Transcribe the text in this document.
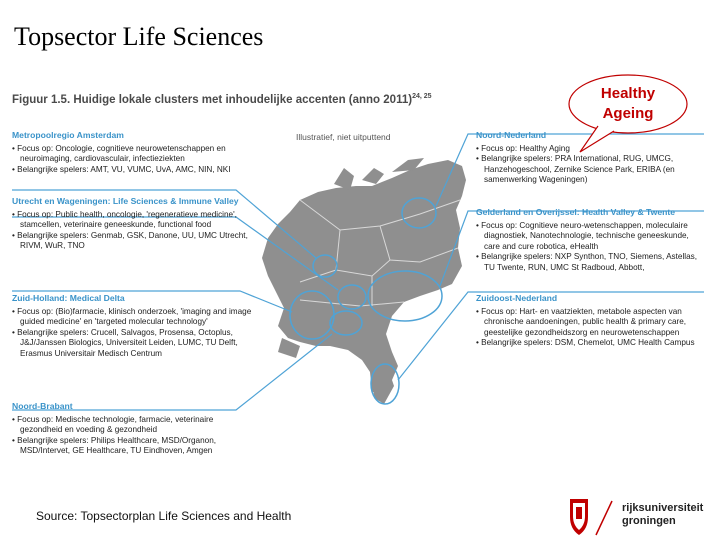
Topsector Life Sciences
Healthy
Ageing
Figuur 1.5. Huidige lokale clusters met inhoudelijke accenten (anno 2011)$^{24, 25}$
Illustratief, niet uitputtend
Metropoolregio Amsterdam
• Focus op: Oncologie, cognitieve neurowetenschappen en neuroimaging, cardiovasculair, infectieziekten
• Belangrijke spelers: AMT, VU, VUMC, UvA, AMC, NIN, NKI
Utrecht en Wageningen: Life Sciences & Immune Valley
• Focus op: Public health, oncologie, 'regeneratieve medicine', stamcellen, veterinaire geneeskunde, functional food
• Belangrijke spelers: Genmab, GSK, Danone, UU, UMC Utrecht, RIVM, WuR, TNO
Zuid-Holland: Medical Delta
• Focus op: (Bio)farmacie, klinisch onderzoek, 'imaging and image guided medicine' en 'targeted molecular technology'
• Belangrijke spelers: Crucell, Salvagos, Prosensa, Octoplus, J&J/Janssen Biologics, Universiteit Leiden, LUMC, TU Delft, Erasmus Universitair Medisch Centrum
Noord-Brabant
• Focus op: Medische technologie, farmacie, veterinaire gezondheid en voeding & gezondheid
• Belangrijke spelers: Philips Healthcare, MSD/Organon, MSD/Intervet, GE Healthcare, TU Eindhoven, Amgen
Noord-Nederland
• Focus op: Healthy Aging
• Belangrijke spelers: PRA International, RUG, UMCG, Hanzehogeschool, Zernike Science Park, ERIBA (en samenwerking Wageningen)
Gelderland en Overijssel: Health Valley & Twente
• Focus op: Cognitieve neuro-wetenschappen, moleculaire diagnostiek, Nanotechnologie, technische geneeskunde, care and cure robotica, eHealth
• Belangrijke spelers: NXP Synthon, TNO, Siemens, Astellas, TU Twente, RUN, UMC St Radboud, Abbott,
Zuidoost-Nederland
• Focus op: Hart- en vaatziekten, metabole aspecten van chronische aandoeningen, public health & primary care, geestelijke gezondheidszorg en neurowetenschappen
• Belangrijke spelers: DSM, Chemelot, UMC Health Campus
Source: Topsectorplan Life Sciences and Health
rijksuniversiteit
groningen
